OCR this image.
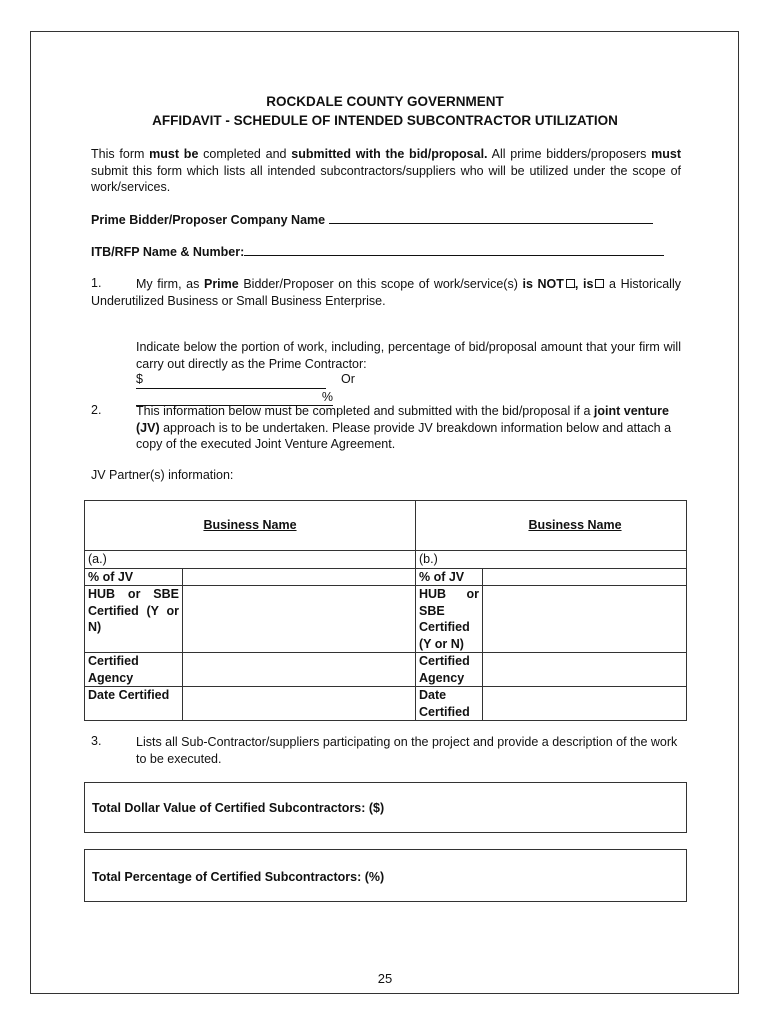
ROCKDALE COUNTY GOVERNMENT
AFFIDAVIT - SCHEDULE OF INTENDED SUBCONTRACTOR UTILIZATION
This form must be completed and submitted with the bid/proposal. All prime bidders/proposers must submit this form which lists all intended subcontractors/suppliers who will be utilized under the scope of work/services.
Prime Bidder/Proposer Company Name
ITB/RFP Name & Number:
1.	My firm, as Prime Bidder/Proposer on this scope of work/service(s) is NOT , is a Historically Underutilized Business or Small Business Enterprise.
Indicate below the portion of work, including, percentage of bid/proposal amount that your firm will carry out directly as the Prime Contractor:
$	Or  %
2.	This information below must be completed and submitted with the bid/proposal if a joint venture (JV) approach is to be undertaken. Please provide JV breakdown information below and attach a copy of the executed Joint Venture Agreement.
JV Partner(s) information:
Business Name		Business Name	
(a.)		(b.)	
% of JV		% of JV	
HUB or SBE Certified (Y or N)		HUB or SBE Certified (Y or N)	
Certified Agency		Certified Agency	
Date Certified		Date Certified	
3.	Lists all Sub-Contractor/suppliers participating on the project and provide a description of the work to be executed.
Total Dollar Value of Certified Subcontractors: ($)
Total Percentage of Certified Subcontractors: (%)
25
